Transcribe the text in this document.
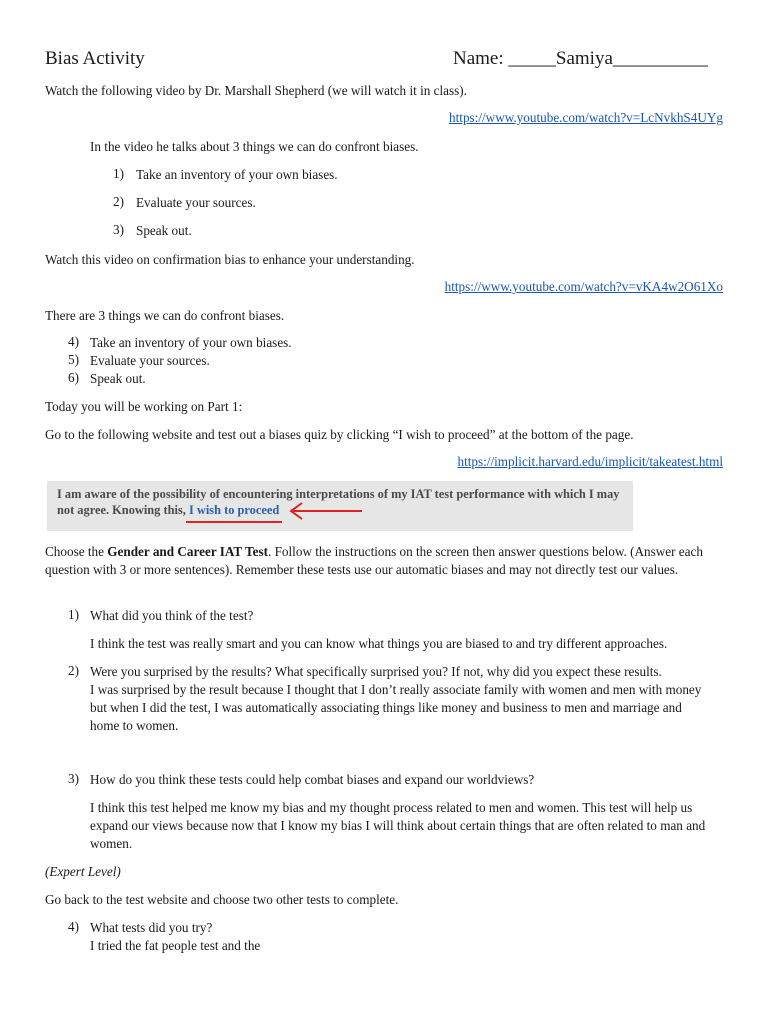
Bias Activity	Name: _____Samiya__________
Watch the following video by Dr. Marshall Shepherd (we will watch it in class).
https://www.youtube.com/watch?v=LcNvkhS4UYg
In the video he talks about 3 things we can do confront biases.
1) Take an inventory of your own biases.
2) Evaluate your sources.
3) Speak out.
Watch this video on confirmation bias to enhance your understanding.
https://www.youtube.com/watch?v=vKA4w2O61Xo
There are 3 things we can do confront biases.
4) Take an inventory of your own biases.
5) Evaluate your sources.
6) Speak out.
Today you will be working on Part 1:
Go to the following website and test out a biases quiz by clicking “I wish to proceed” at the bottom of the page.
https://implicit.harvard.edu/implicit/takeatest.html
I am aware of the possibility of encountering interpretations of my IAT test performance with which I may not agree. Knowing this, I wish to proceed
Choose the Gender and Career IAT Test. Follow the instructions on the screen then answer questions below. (Answer each question with 3 or more sentences). Remember these tests use our automatic biases and may not directly test our values.
1) What did you think of the test?
I think the test was really smart and you can know what things you are biased to and try different approaches.
2) Were you surprised by the results? What specifically surprised you? If not, why did you expect these results.
I was surprised by the result because I thought that I don’t really associate family with women and men with money but when I did the test, I was automatically associating things like money and business to men and marriage and home to women.
3) How do you think these tests could help combat biases and expand our worldviews?
I think this test helped me know my bias and my thought process related to men and women. This test will help us expand our views because now that I know my bias I will think about certain things that are often related to man and women.
(Expert Level)
Go back to the test website and choose two other tests to complete.
4) What tests did you try?
I tried the fat people test and the
